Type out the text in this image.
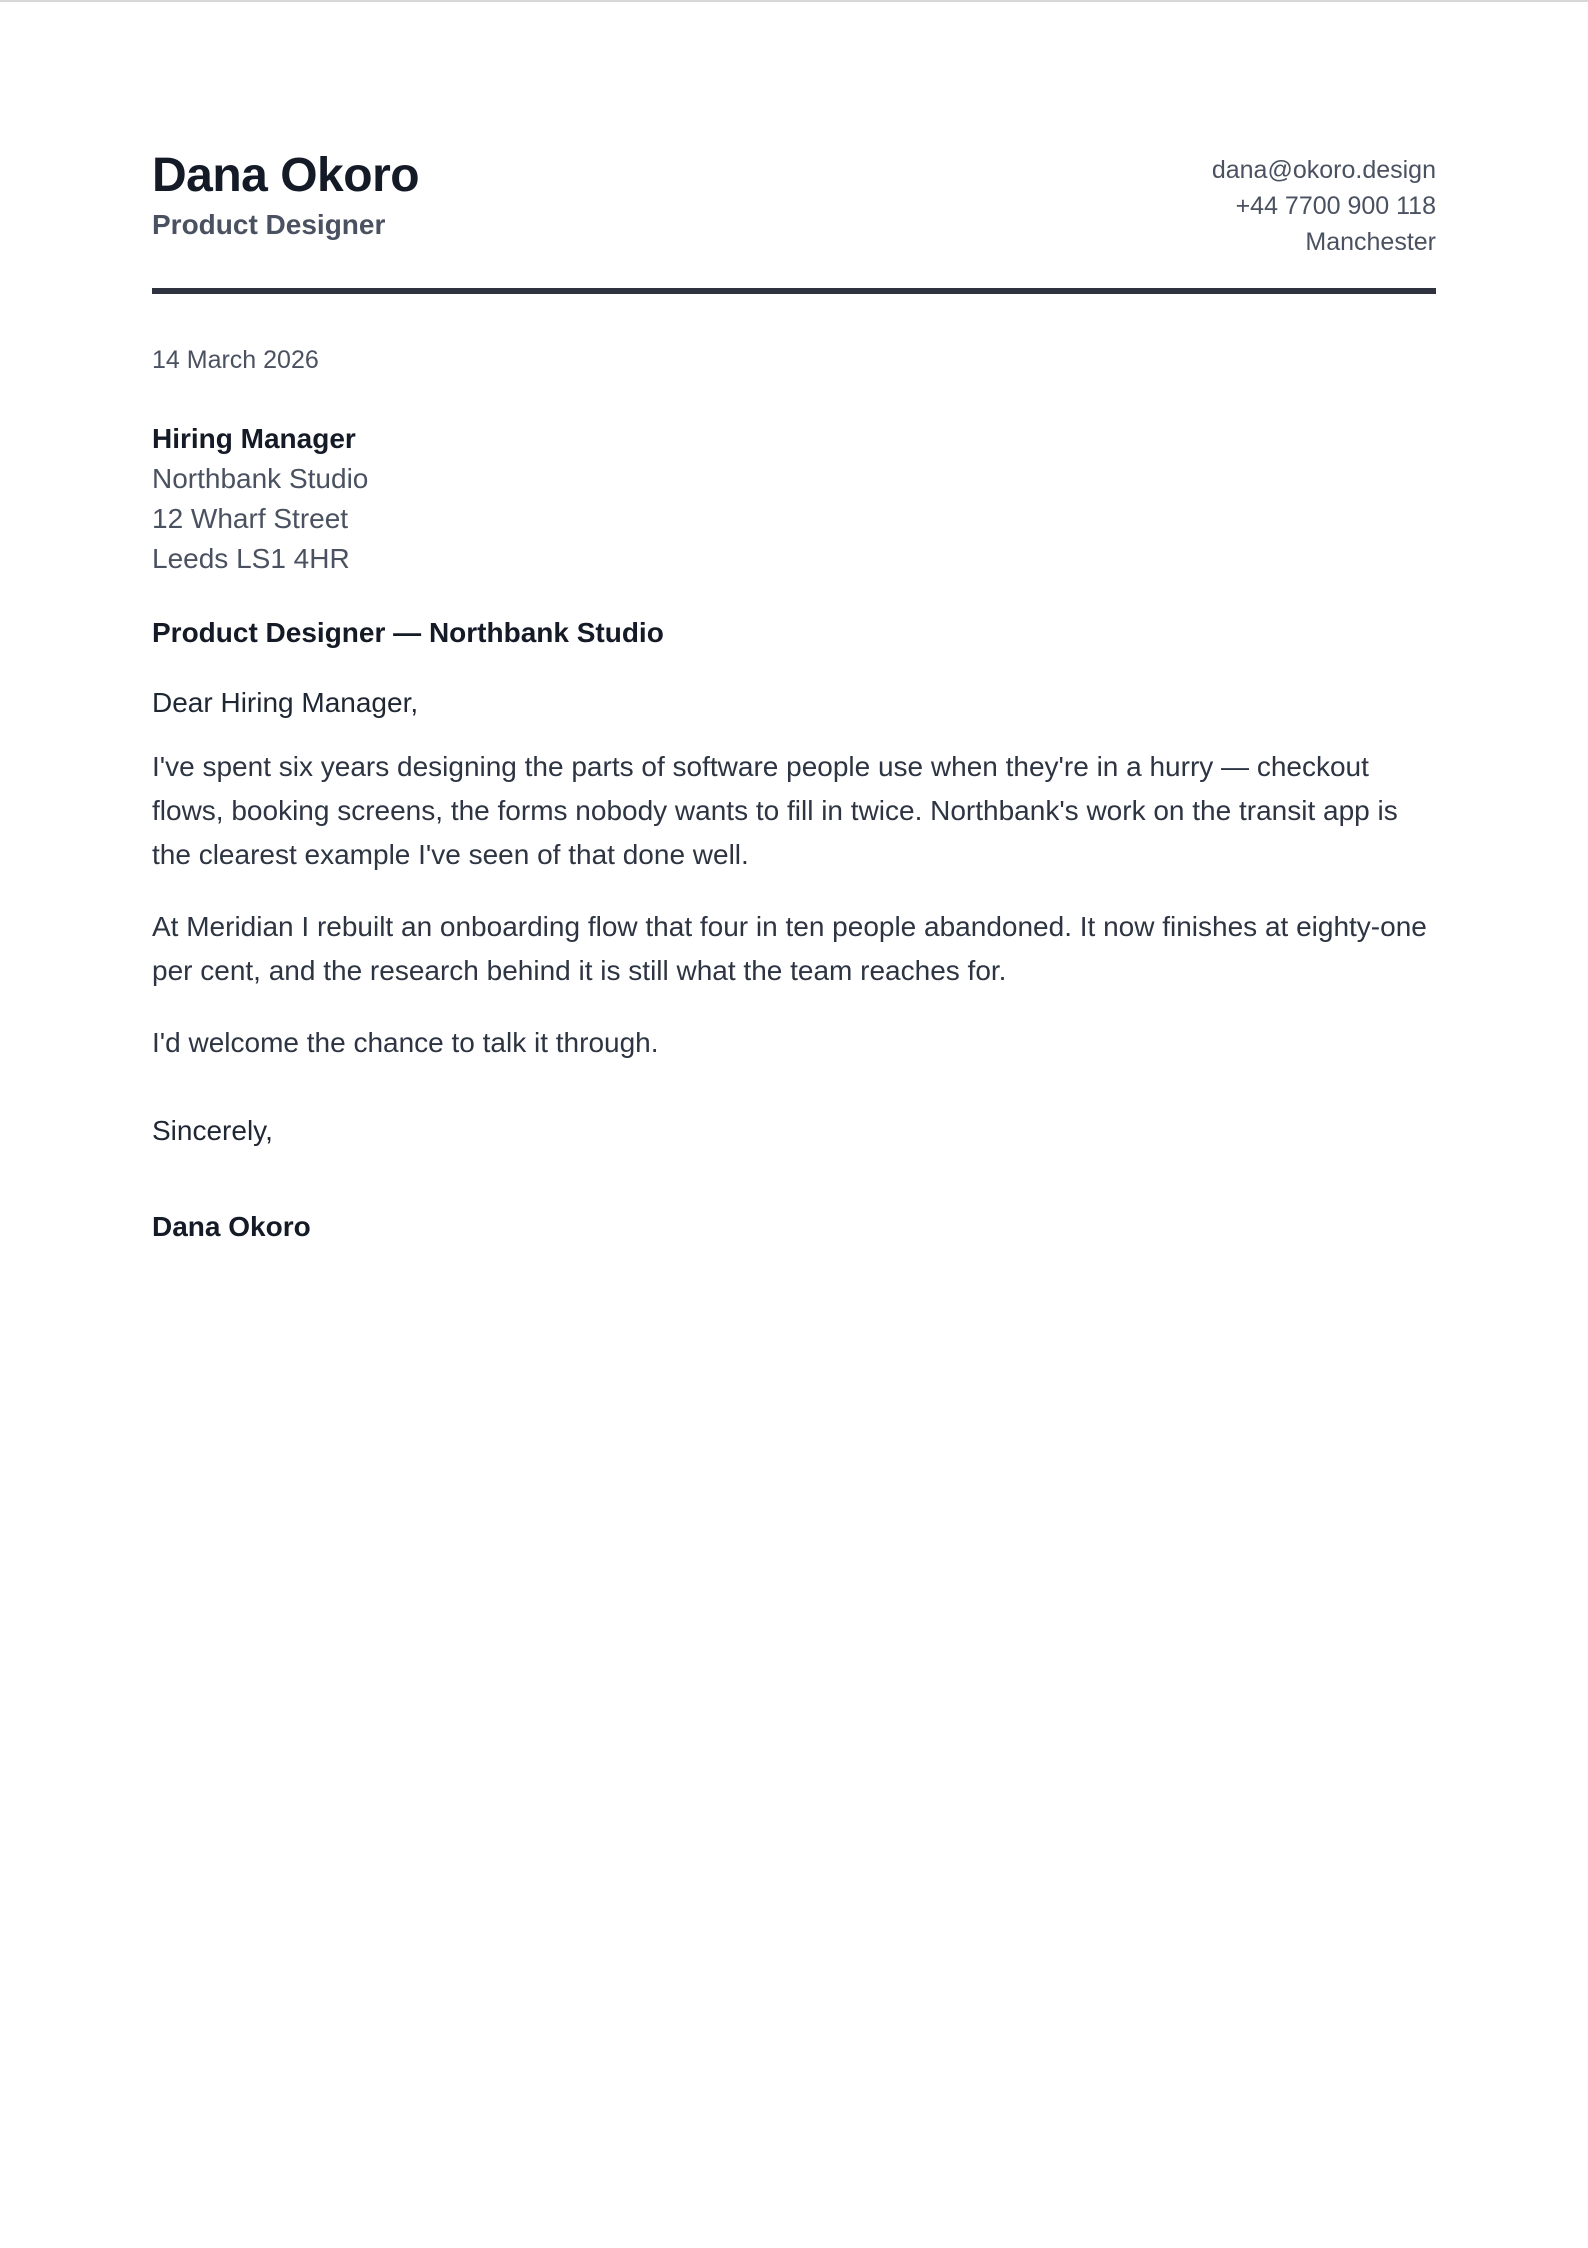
Dana Okoro
Product Designer
dana@okoro.design
+44 7700 900 118
Manchester
14 March 2026
Hiring Manager
Northbank Studio
12 Wharf Street
Leeds LS1 4HR
Product Designer — Northbank Studio
Dear Hiring Manager,

I've spent six years designing the parts of software people use when they're in a hurry — checkout flows, booking screens, the forms nobody wants to fill in twice. Northbank's work on the transit app is the clearest example I've seen of that done well.

At Meridian I rebuilt an onboarding flow that four in ten people abandoned. It now finishes at eighty-one per cent, and the research behind it is still what the team reaches for.

I'd welcome the chance to talk it through.

Sincerely,
Dana Okoro
